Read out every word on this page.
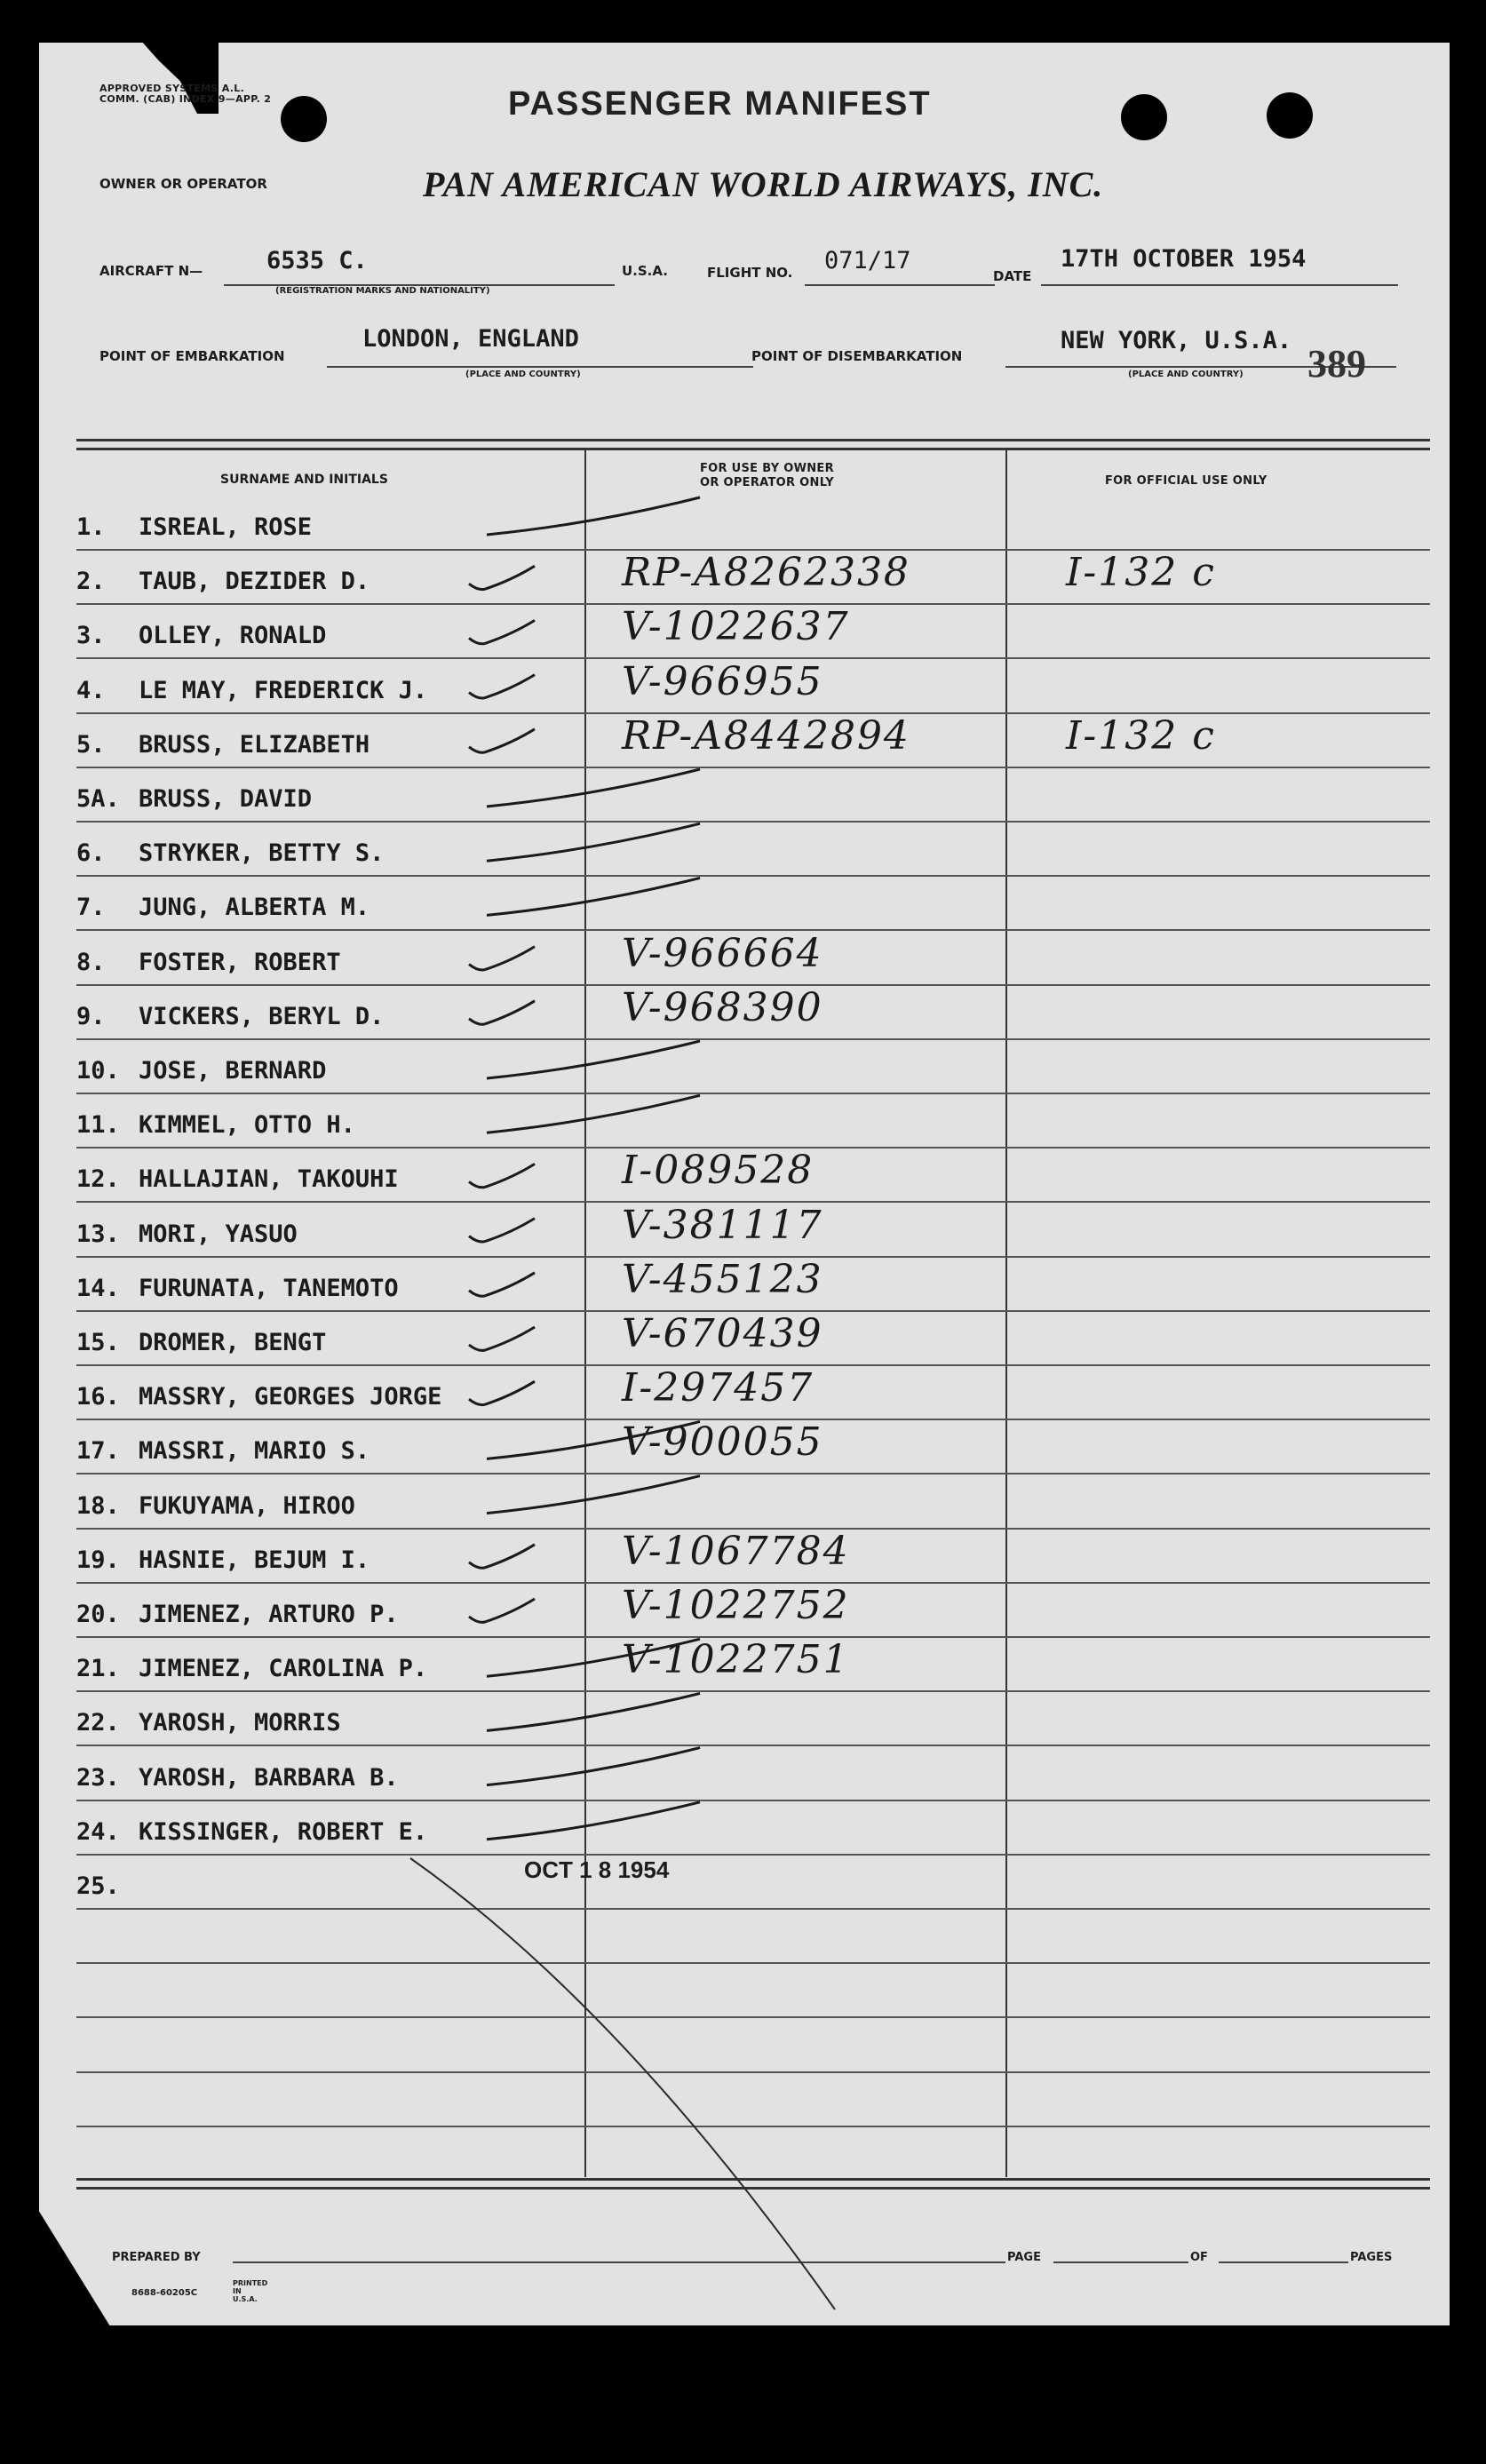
APPROVED SYSTEMS A.L. COMM. (CAB) INDEX 9—APP. 2	PASSENGER MANIFEST
OWNER OR OPERATOR	PAN AMERICAN WORLD AIRWAYS, INC.
AIRCRAFT N—	6535 C.
(REGISTRATION MARKS AND NATIONALITY)
U.S.A.	FLIGHT NO. 071/17
DATE
17TH OCTOBER 1954
POINT OF EMBARKATION
LONDON, ENGLAND
(PLACE AND COUNTRY)
POINT OF DISEMBARKATION
NEW YORK, U.S.A.
(PLACE AND COUNTRY) 389
SURNAME AND INITIALS
FOR USE BY OWNER
OR OPERATOR ONLY	FOR OFFICIAL USE ONLY
1. ISREAL, ROSE
2. TAUB, DEZIDER D.	RP-A8262338	I-132 c
3. OLLEY, RONALD	V-1022637
4. LE MAY, FREDERICK J.	V-966955
5. BRUSS, ELIZABETH	RP-A8442894	I-132 c
5A. BRUSS, DAVID
6. STRYKER, BETTY S.
7. JUNG, ALBERTA M.
8. FOSTER, ROBERT	V-966664
9. VICKERS, BERYL D.	V-968390
10. JOSE, BERNARD
11. KIMMEL, OTTO H.
12. HALLAJIAN, TAKOUHI	I-089528
13. MORI, YASUO	V-381117
14. FURUNATA, TANEMOTO	V-455123
15. DROMER, BENGT	V-670439
16. MASSRY, GEORGES JORGE	I-297457
17. MASSRI, MARIO S.	V-900055
18. FUKUYAMA, HIROO
19. HASNIE, BEJUM I.	V-1067784
20. JIMENEZ, ARTURO P.	V-1022752
21. JIMENEZ, CAROLINA P.	V-1022751
22. YAROSH, MORRIS
23. YAROSH, BARBARA B.
24. KISSINGER, ROBERT E.
25.
OCT 1 8 1954
PREPARED BY	PAGE	OF	PAGES
8688-60205C
PRINTED IN U.S.A.
